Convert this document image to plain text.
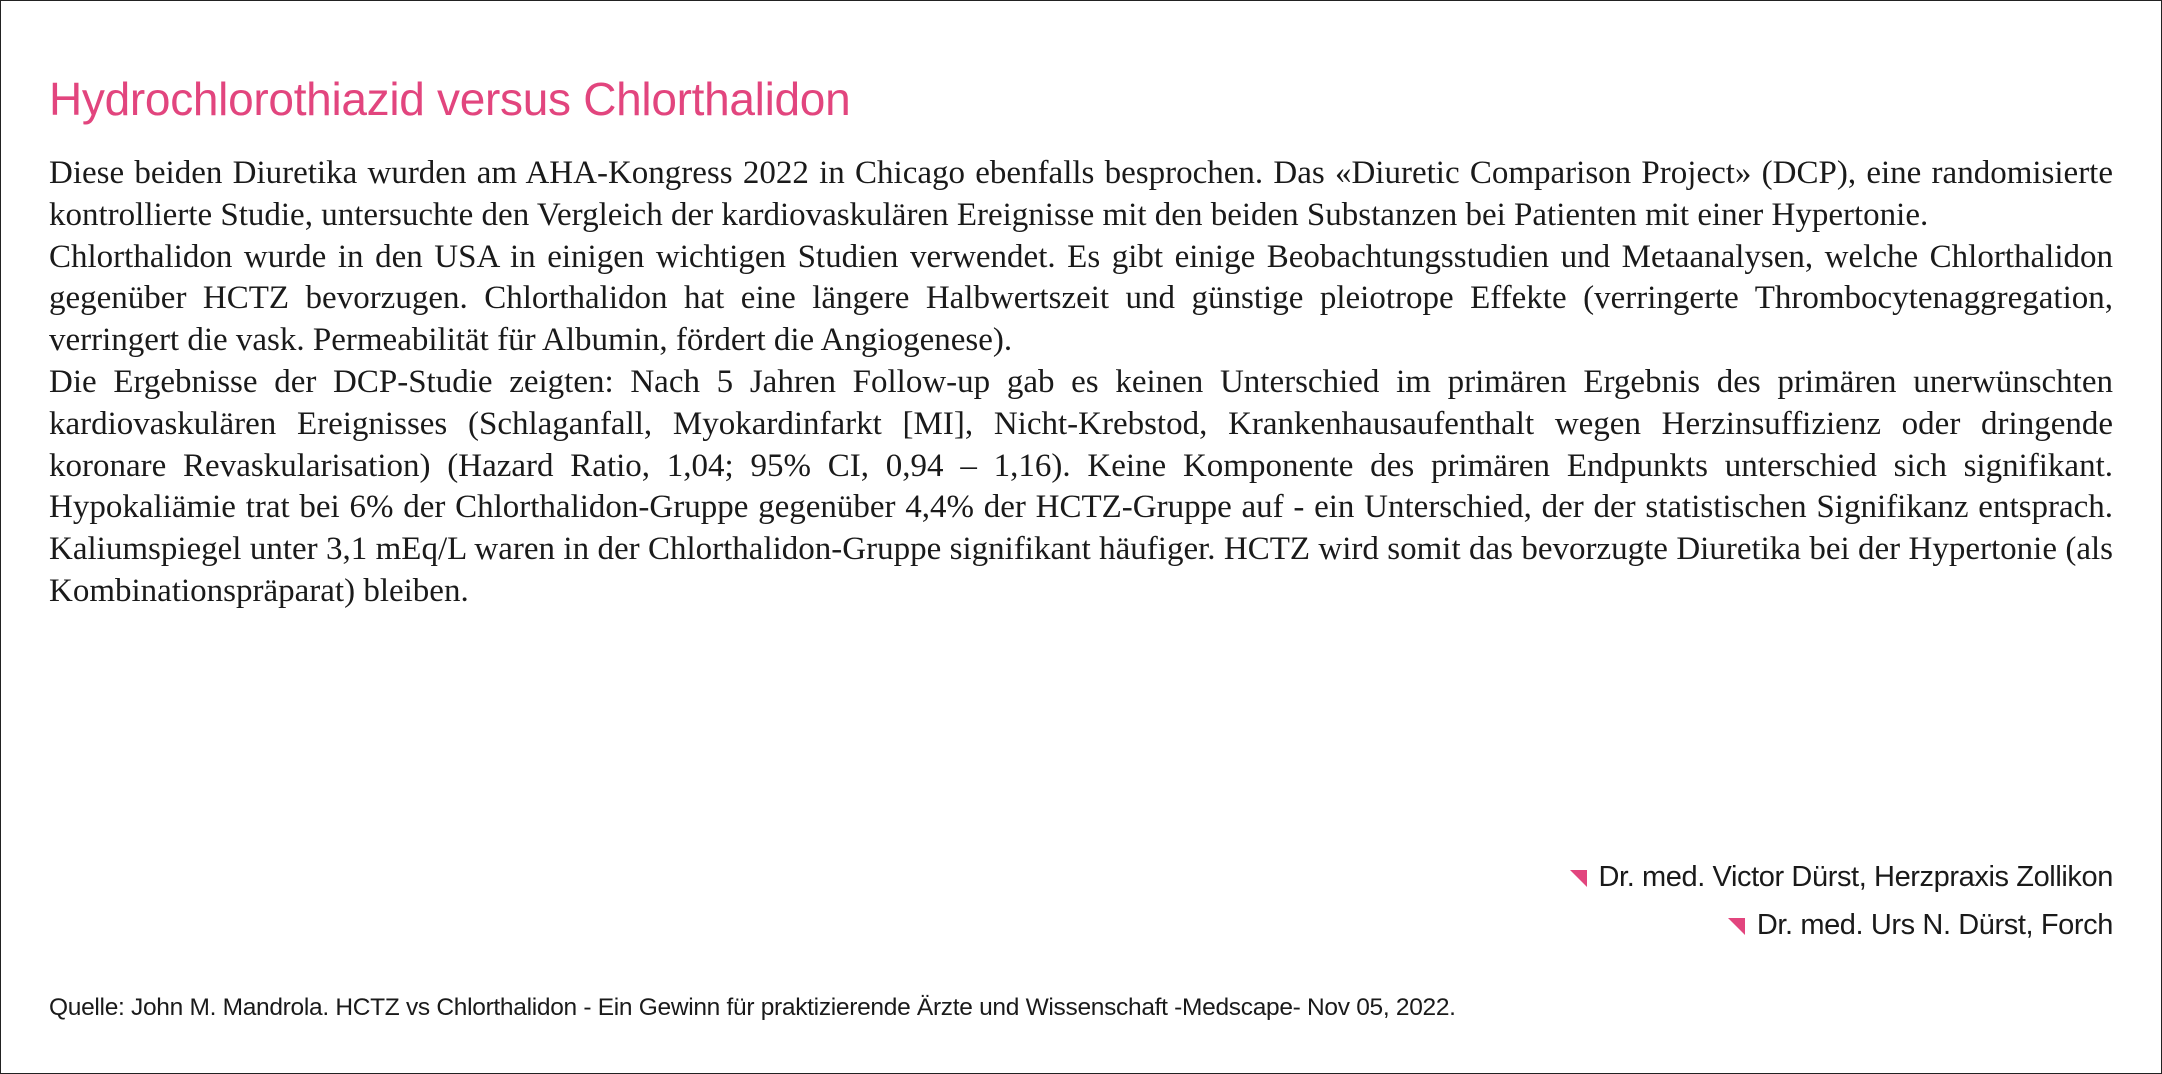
Hydrochlorothiazid versus Chlorthalidon

Diese beiden Diuretika wurden am AHA-Kongress 2022 in Chicago ebenfalls besprochen. Das «Diuretic Comparison Project» (DCP), eine randomisierte kontrollierte Studie, untersuchte den Vergleich der kardiovaskulären Ereignisse mit den beiden Substanzen bei Patienten mit einer Hypertonie.

Chlorthalidon wurde in den USA in einigen wichtigen Studien verwendet. Es gibt einige Beobachtungsstudien und Metaanalysen, welche Chlorthalidon gegenüber HCTZ bevorzugen. Chlorthalidon hat eine längere Halbwertszeit und günstige pleiotrope Effekte (verringerte Thrombocytenaggregation, verringert die vask. Permeabilität für Albumin, fördert die Angiogenese).

Die Ergebnisse der DCP-Studie zeigten: Nach 5 Jahren Follow-up gab es keinen Unterschied im primären Ergebnis des primären unerwünschten kardiovaskulären Ereignisses (Schlaganfall, Myokardinfarkt [MI], Nicht-Krebstod, Krankenhausaufenthalt wegen Herzinsuffizienz oder dringende koronare Revaskularisation) (Hazard Ratio, 1,04; 95% CI, 0,94 – 1,16). Keine Komponente des primären Endpunkts unterschied sich signifikant. Hypokaliämie trat bei 6% der Chlorthalidon-Gruppe gegenüber 4,4% der HCTZ-Gruppe auf - ein Unterschied, der der statistischen Signifikanz entsprach. Kaliumspiegel unter 3,1 mEq/L waren in der Chlorthalidon-Gruppe signifikant häufiger. HCTZ wird somit das bevorzugte Diuretika bei der Hypertonie (als Kombinationspräparat) bleiben.

Dr. med. Victor Dürst, Herzpraxis Zollikon
Dr. med. Urs N. Dürst, Forch
Quelle: John M. Mandrola. HCTZ vs Chlorthalidon - Ein Gewinn für praktizierende Ärzte und Wissenschaft -Medscape- Nov 05, 2022.
